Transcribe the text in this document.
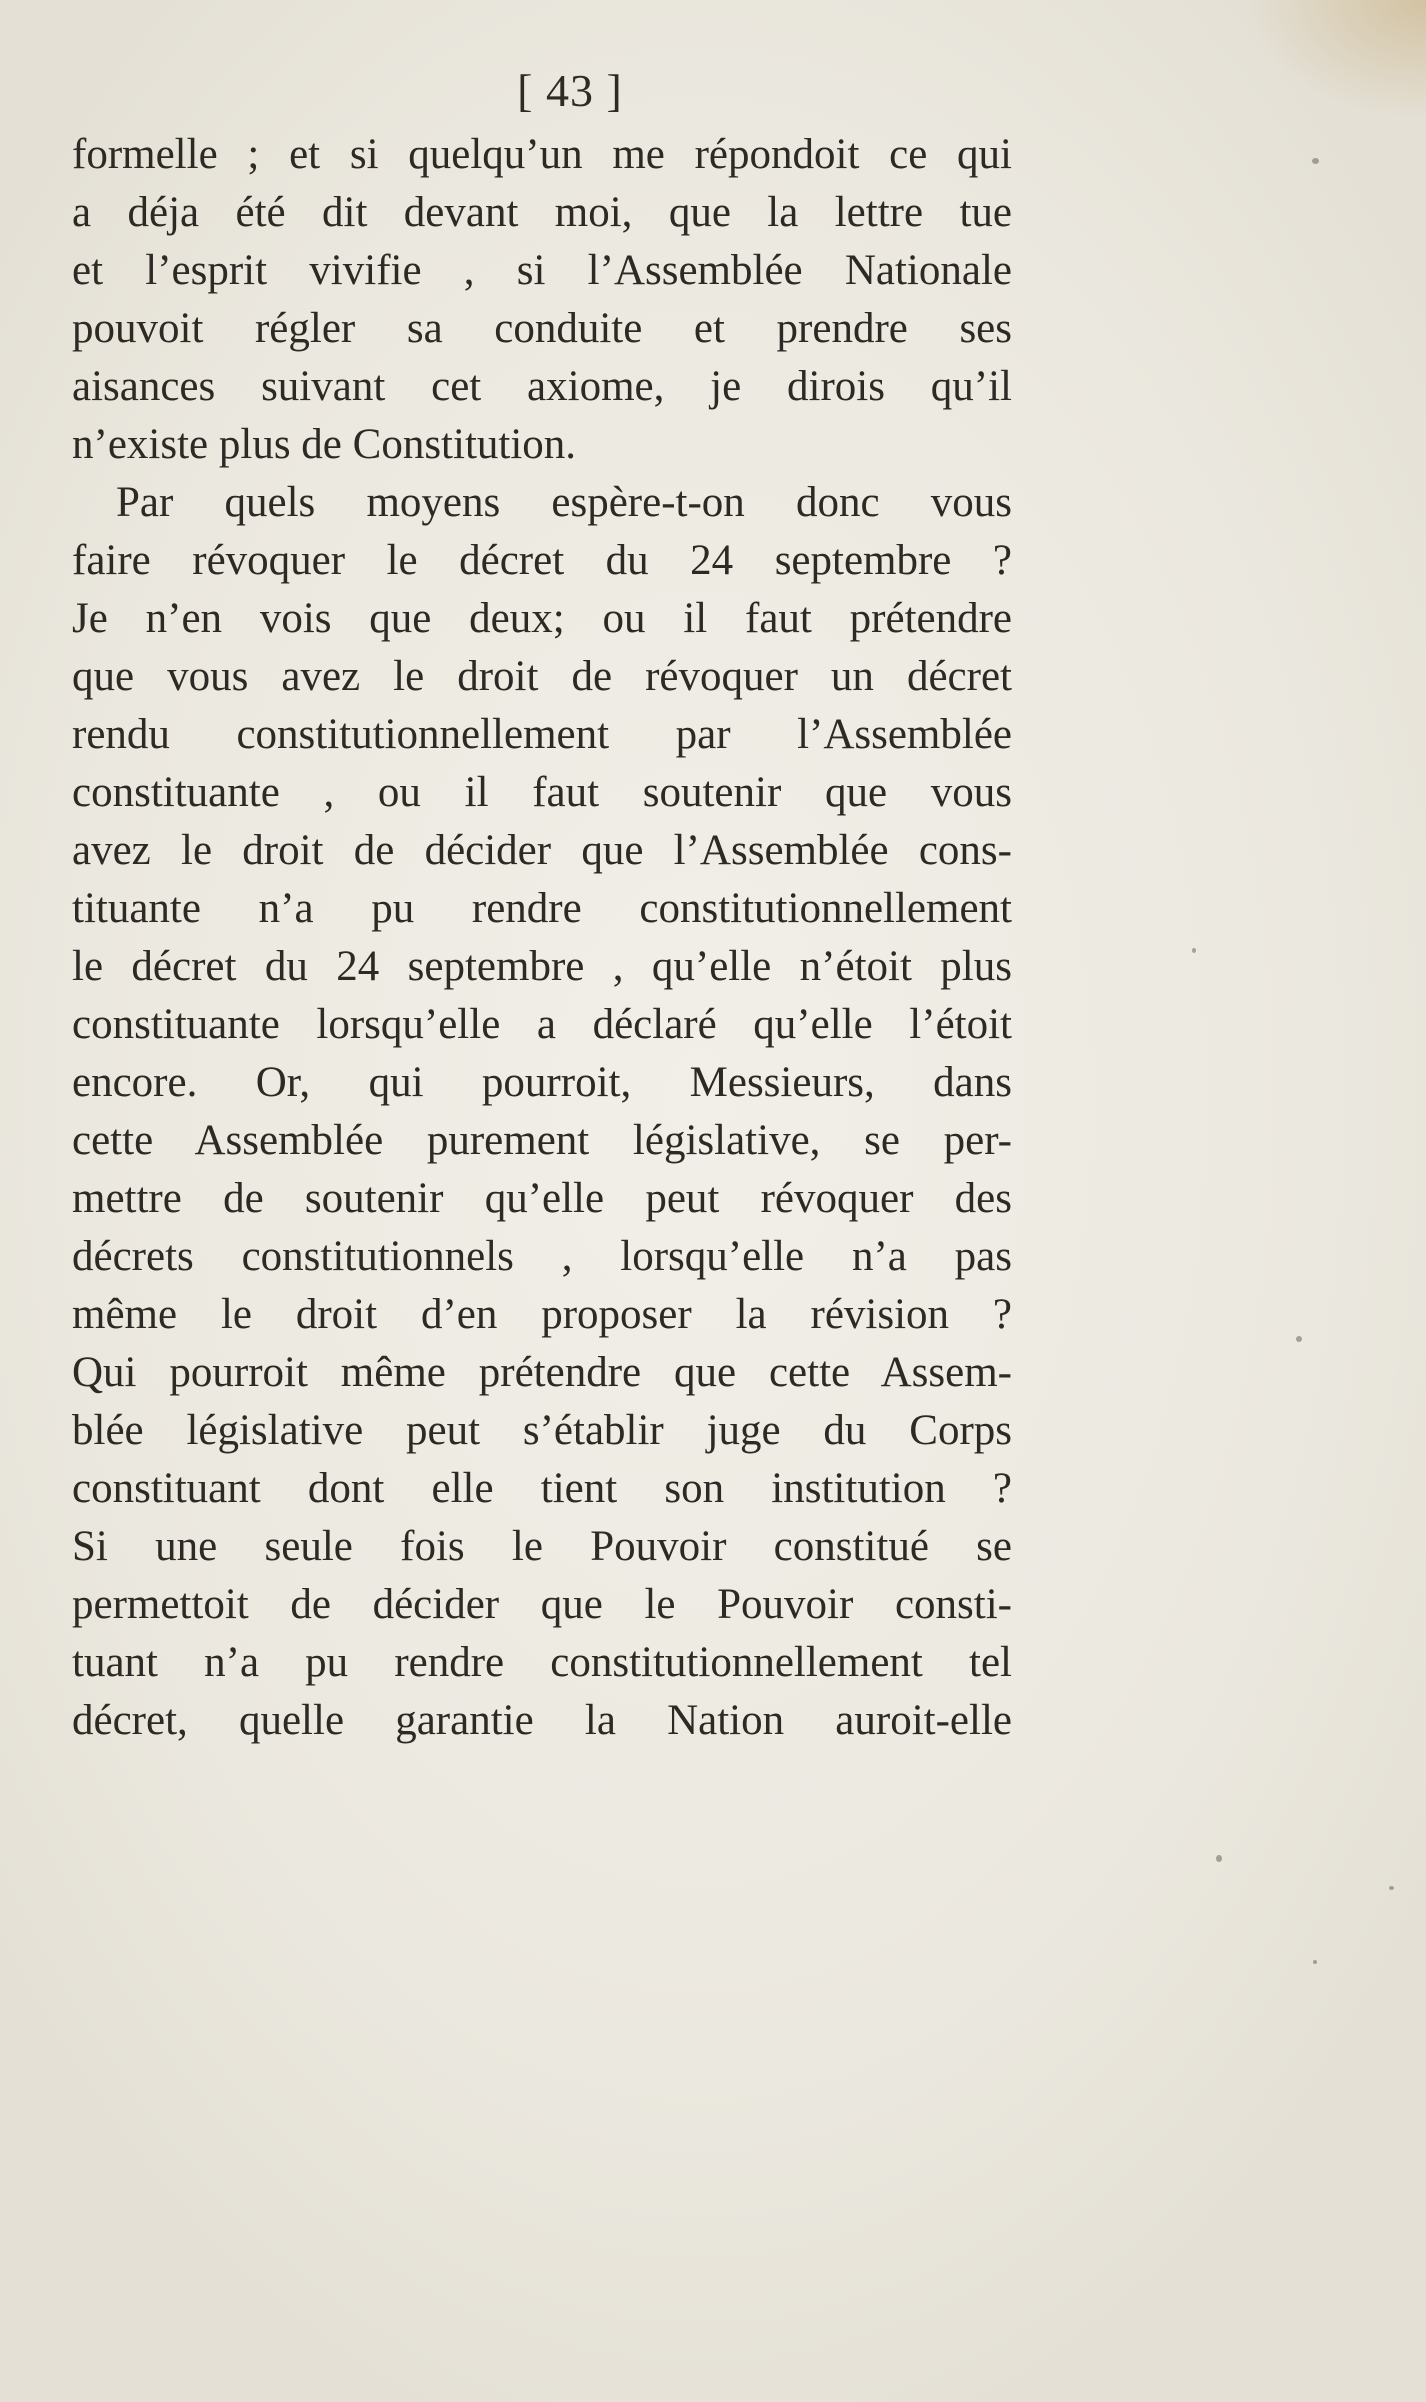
[ 43 ]
formelle ; et si quelqu’un me répondoit ce qui
a déja été dit devant moi, que la lettre tue
et l’esprit vivifie , si l’Assemblée Nationale
pouvoit régler sa conduite et prendre ses
aisances suivant cet axiome, je dirois qu’il
n’existe plus de Constitution.
Par quels moyens espère-t-on donc vous
faire révoquer le décret du 24 septembre ?
Je n’en vois que deux; ou il faut prétendre
que vous avez le droit de révoquer un décret
rendu constitutionnellement par l’Assemblée
constituante , ou il faut soutenir que vous
avez le droit de décider que l’Assemblée cons-
tituante n’a pu rendre constitutionnellement
le décret du 24 septembre , qu’elle n’étoit plus
constituante lorsqu’elle a déclaré qu’elle l’étoit
encore. Or, qui pourroit, Messieurs, dans
cette Assemblée purement législative, se per-
mettre de soutenir qu’elle peut révoquer des
décrets constitutionnels , lorsqu’elle n’a pas
même le droit d’en proposer la révision ?
Qui pourroit même prétendre que cette Assem-
blée législative peut s’établir juge du Corps
constituant dont elle tient son institution ?
Si une seule fois le Pouvoir constitué se
permettoit de décider que le Pouvoir consti-
tuant n’a pu rendre constitutionnellement tel
décret, quelle garantie la Nation auroit-elle
